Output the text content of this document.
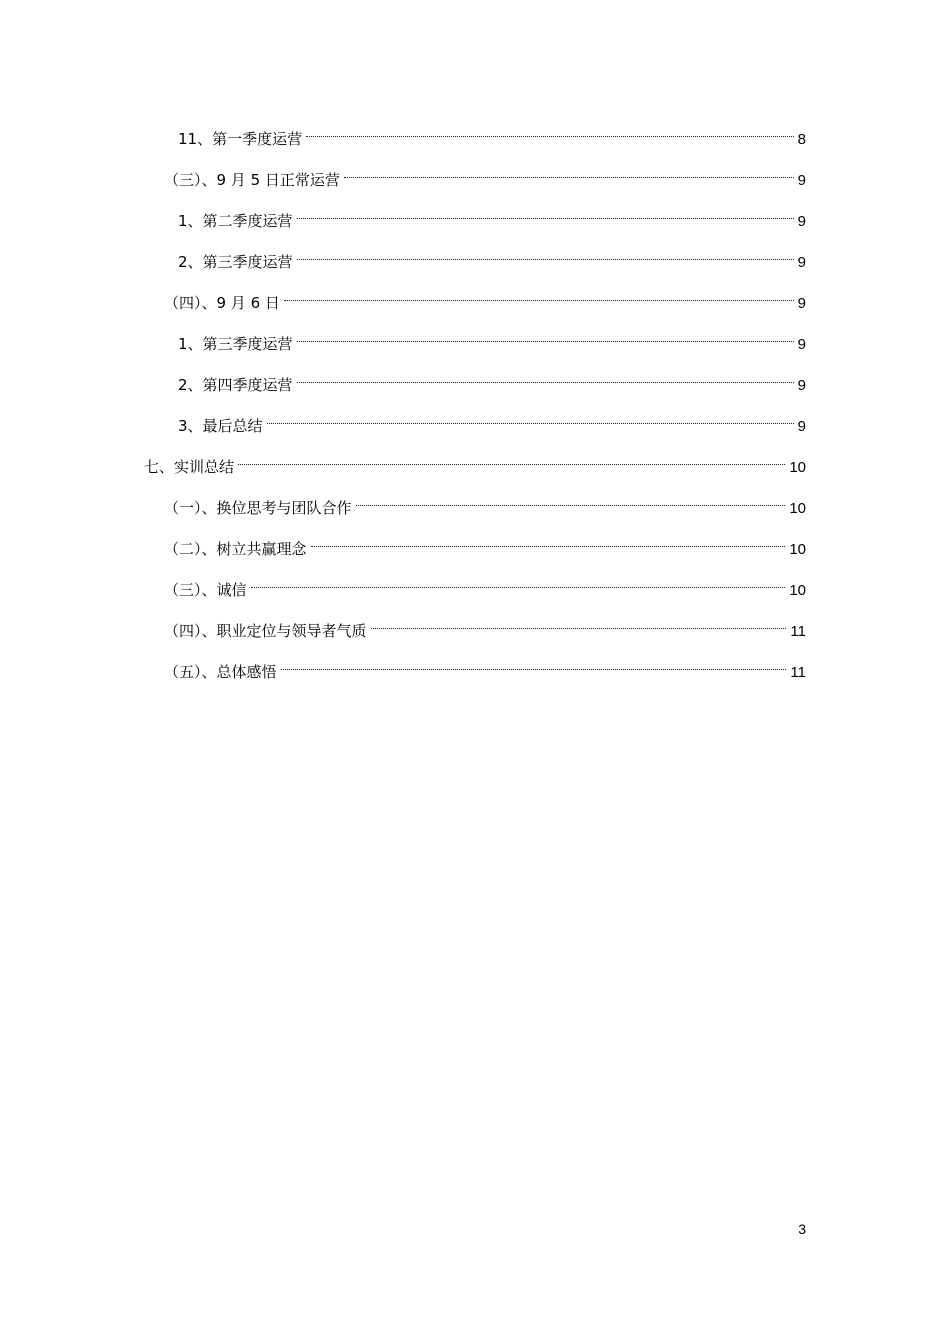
11、第一季度运营	8
（三）、9 月 5 日正常运营	9
1、第二季度运营	9
2、第三季度运营	9
（四）、9 月 6 日	9
1、第三季度运营	9
2、第四季度运营	9
3、最后总结	9
七、实训总结	10
（一）、换位思考与团队合作	10
（二）、树立共赢理念	10
（三）、诚信	10
（四）、职业定位与领导者气质	11
（五）、总体感悟	11
3
